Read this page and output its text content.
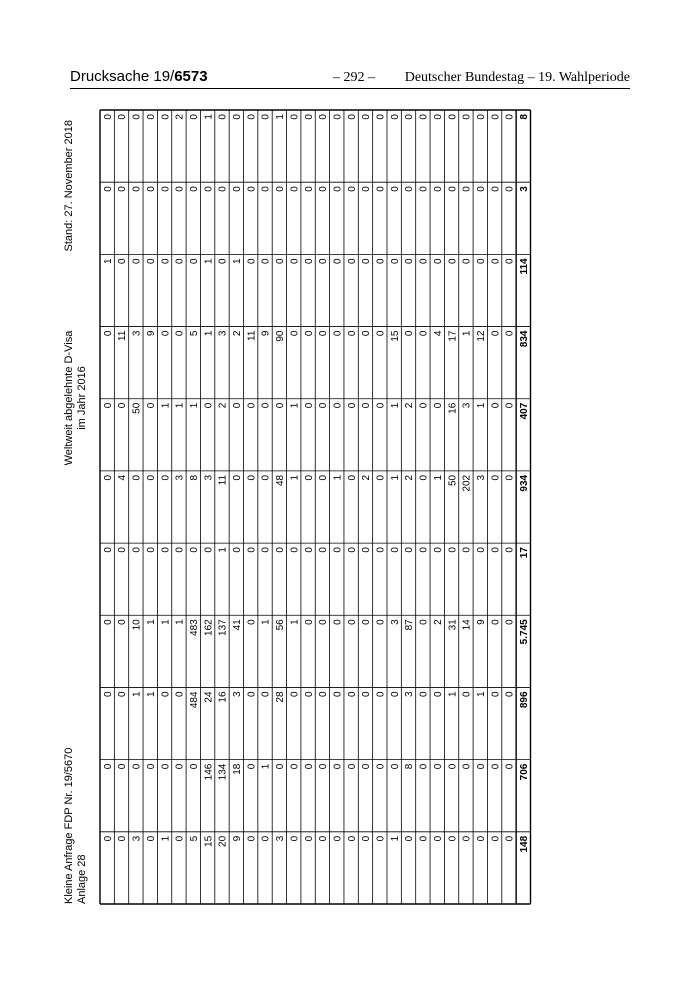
Drucksache 19/6573	– 292 – Deutscher Bundestag – 19. Wahlperiode
Kleine Anfrage FDP Nr. 19/5670 Anlage 28
Weltweit abgelehnte D-Visa im Jahr 2016
Stand: 27. November 2018
0 0 3 0 1 0 5 15 20 9 0 0 3 0 0 0 0 0 0 0 1 0 0 0 0 0 0 0 0 148
0 0 0 0 0 0 0 146 134 18 0 1 0 0 0 0 0 0 0 0 0 8 0 0 0 0 0 0 0 706
0 0 1 1 0 0 484 24 16 3 0 0 28 0 0 0 0 0 0 0 0 3 0 0 1 0 1 0 0 896
0 0 10 1 1 1 483 162 137 41 0 1 56 1 0 0 0 0 0 0 3 87 0 2 31 14 9 0 0 5.745
0 0 0 0 0 0 0 0 1 0 0 0 0 0 0 0 0 0 0 0 0 0 0 0 0 0 0 0 0 17
0 4 0 0 0 3 8 3 11 0 0 0 48 1 0 0 1 0 2 0 1 2 0 1 50 202 3 0 0 934
0 0 50 0 1 1 1 0 2 0 0 0 0 1 0 0 0 0 0 0 1 2 0 0 16 3 1 0 0 407
0 11 3 9 0 0 5 1 3 2 11 9 90 0 0 0 0 0 0 0 15 0 0 4 17 1 12 0 0 834
1 0 0 0 0 0 0 1 0 1 0 0 0 0 0 0 0 0 0 0 0 0 0 0 0 0 0 0 0 114
0 0 0 0 0 0 0 0 0 0 0 0 0 0 0 0 0 0 0 0 0 0 0 0 0 0 0 0 0 3
0 0 0 0 0 2 0 1 0 0 0 0 1 0 0 0 0 0 0 0 0 0 0 0 0 0 0 0 0 8
